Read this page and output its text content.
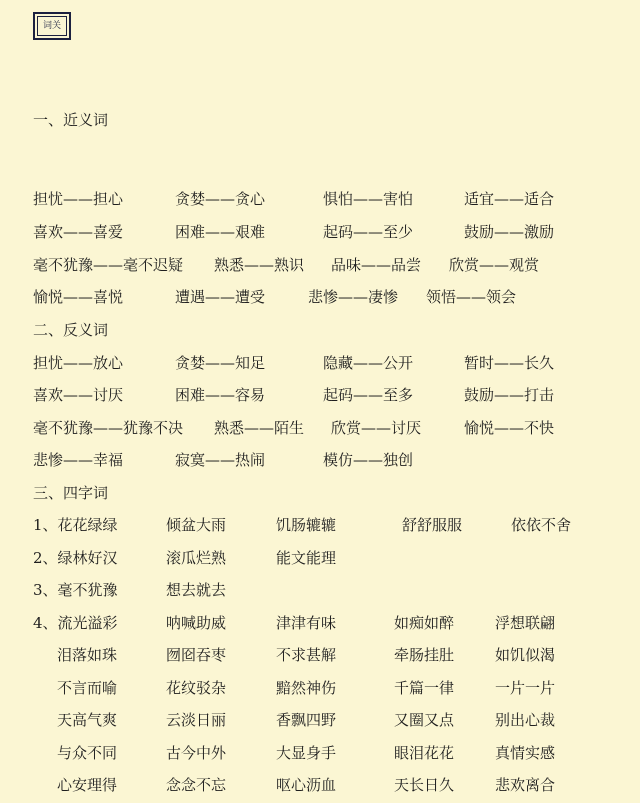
词关
一、近义词
担忧——担心	贪婪——贪心	惧怕——害怕	适宜——适合
喜欢——喜爱	困难——艰难	起码——至少	鼓励——激励
毫不犹豫——毫不迟疑 熟悉——熟识 品味——品尝 欣赏——观赏
愉悦——喜悦	遭遇——遭受	悲惨——凄惨 领悟——领会
二、反义词
担忧——放心	贪婪——知足	隐藏——公开	暂时——长久
喜欢——讨厌	困难——容易	起码——至多	鼓励——打击
毫不犹豫——犹豫不决 熟悉——陌生 欣赏——讨厌	愉悦——不快
悲惨——幸福	寂寞——热闹	模仿——独创
三、四字词
1、花花绿绿	倾盆大雨	饥肠辘辘	舒舒服服	依依不舍
2、绿林好汉	滚瓜烂熟	能文能理
3、毫不犹豫	想去就去
4、流光溢彩	呐喊助威	津津有味	如痴如醉	浮想联翩
泪落如珠	囫囵吞枣	不求甚解	牵肠挂肚	如饥似渴
不言而喻	花纹驳杂	黯然神伤	千篇一律	一片一片
天高气爽	云淡日丽	香飘四野	又圈又点	别出心裁
与众不同	古今中外	大显身手	眼泪花花	真情实感
心安理得	念念不忘	呕心沥血	天长日久	悲欢离合
